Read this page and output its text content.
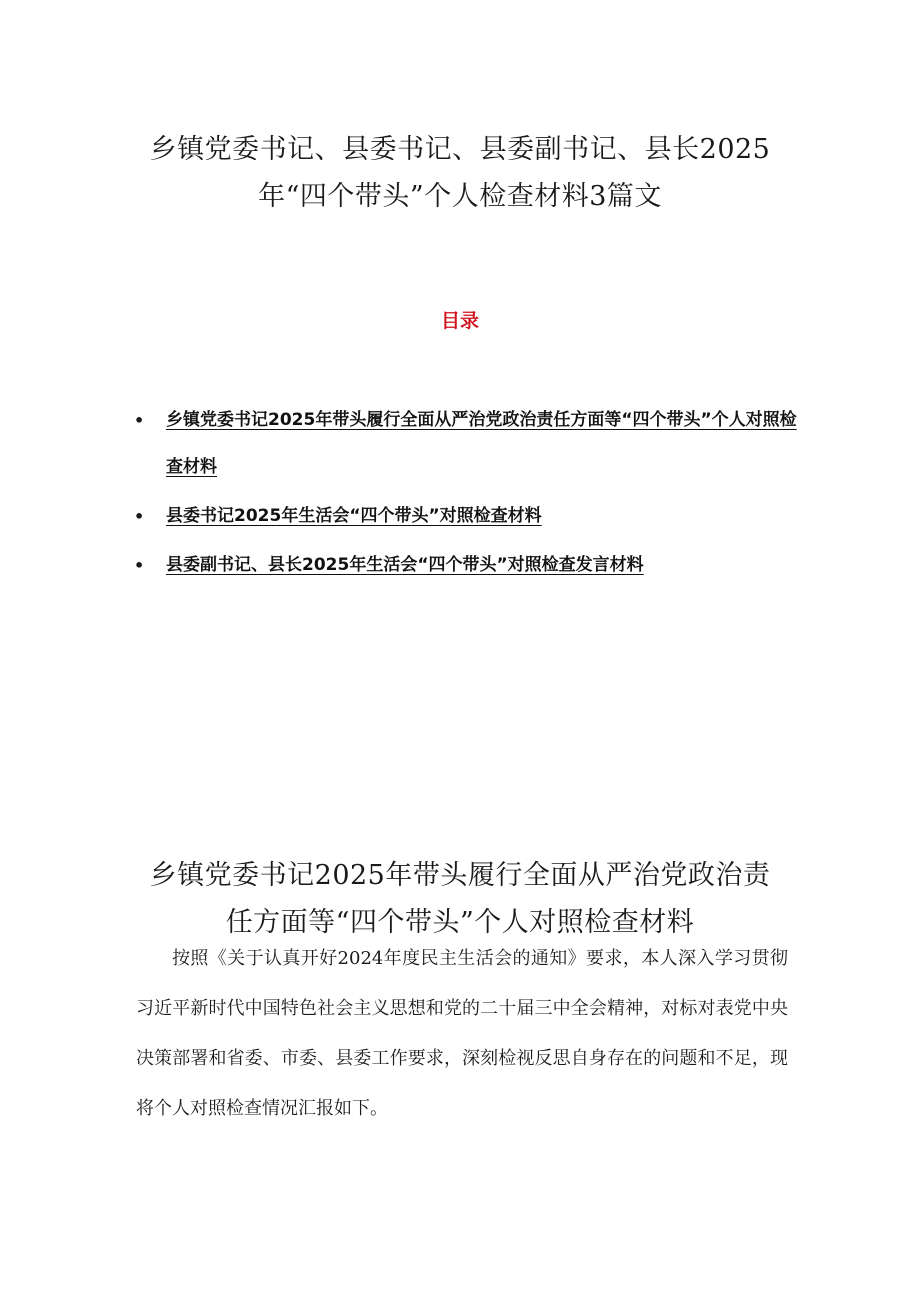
乡镇党委书记、县委书记、县委副书记、县长2025
年“四个带头”个人检查材料3篇文
目录
• 乡镇党委书记2025年带头履行全面从严治党政治责任方面等“四个带头”个人对照检查材料
• 县委书记2025年生活会“四个带头”对照检查材料
• 县委副书记、县长2025年生活会“四个带头”对照检查发言材料
乡镇党委书记2025年带头履行全面从严治党政治责
任方面等“四个带头”个人对照检查材料

按照《关于认真开好2024年度民主生活会的通知》要求，本人深入学习贯彻习近平新时代中国特色社会主义思想和党的二十届三中全会精神，对标对表党中央决策部署和省委、市委、县委工作要求，深刻检视反思自身存在的问题和不足，现将个人对照检查情况汇报如下。
